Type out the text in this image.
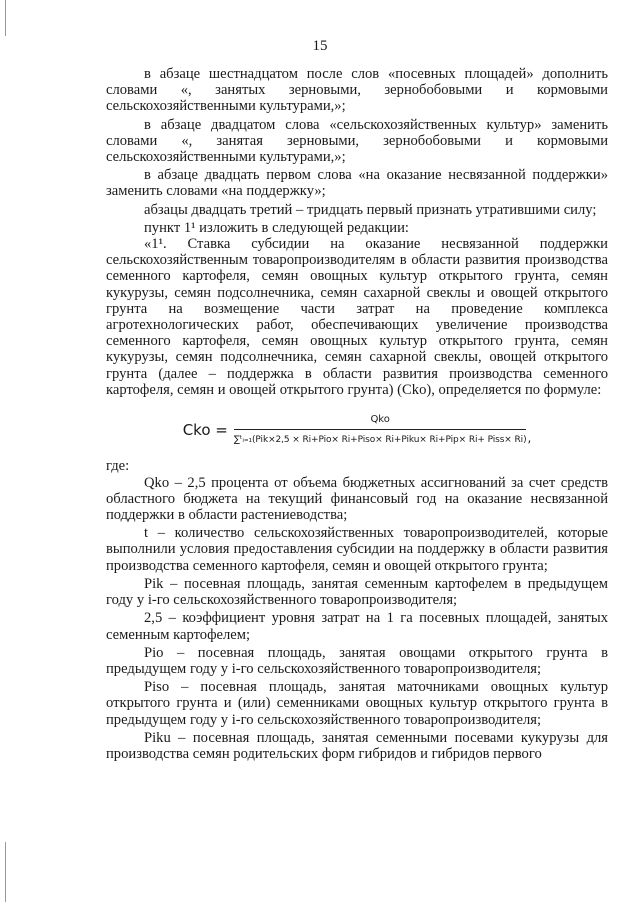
15

в абзаце шестнадцатом после слов «посевных площадей» дополнить словами «, занятых зерновыми, зернобобовыми и кормовыми сельскохозяйственными культурами,»;

в абзаце двадцатом слова «сельскохозяйственных культур» заменить словами «, занятая зерновыми, зернобобовыми и кормовыми сельскохозяйственными культурами,»;

в абзаце двадцать первом слова «на оказание несвязанной поддержки» заменить словами «на поддержку»;

абзацы двадцать третий – тридцать первый признать утратившими силу;

пункт 1¹ изложить в следующей редакции:

«1¹. Ставка субсидии на оказание несвязанной поддержки сельскохозяйственным товаропроизводителям в области развития производства семенного картофеля, семян овощных культур открытого грунта, семян кукурузы, семян подсолнечника, семян сахарной свеклы и овощей открытого грунта на возмещение части затрат на проведение комплекса агротехнологических работ, обеспечивающих увеличение производства семенного картофеля, семян овощных культур открытого грунта, семян кукурузы, семян подсолнечника, семян сахарной свеклы, овощей открытого грунта (далее – поддержка в области развития производства семенного картофеля, семян и овощей открытого грунта) (Cko), определяется по формуле:

Cko =
Qko
∑ᵗᵢ₌₁(Pik×2,5 × Ri+Pio× Ri+Piso× Ri+Piku× Ri+Pip× Ri+ Piss× Ri) ,

где:

Qko – 2,5 процента от объема бюджетных ассигнований за счет средств областного бюджета на текущий финансовый год на оказание несвязанной поддержки в области растениеводства;

t – количество сельскохозяйственных товаропроизводителей, которые выполнили условия предоставления субсидии на поддержку в области развития производства семенного картофеля, семян и овощей открытого грунта;

Pik – посевная площадь, занятая семенным картофелем в предыдущем году у i-го сельскохозяйственного товаропроизводителя;

2,5 – коэффициент уровня затрат на 1 га посевных площадей, занятых семенным картофелем;

Pio – посевная площадь, занятая овощами открытого грунта в предыдущем году у i-го сельскохозяйственного товаропроизводителя;

Piso – посевная площадь, занятая маточниками овощных культур открытого грунта и (или) семенниками овощных культур открытого грунта в предыдущем году у i-го сельскохозяйственного товаропроизводителя;

Piku – посевная площадь, занятая семенными посевами кукурузы для производства семян родительских форм гибридов и гибридов первого
